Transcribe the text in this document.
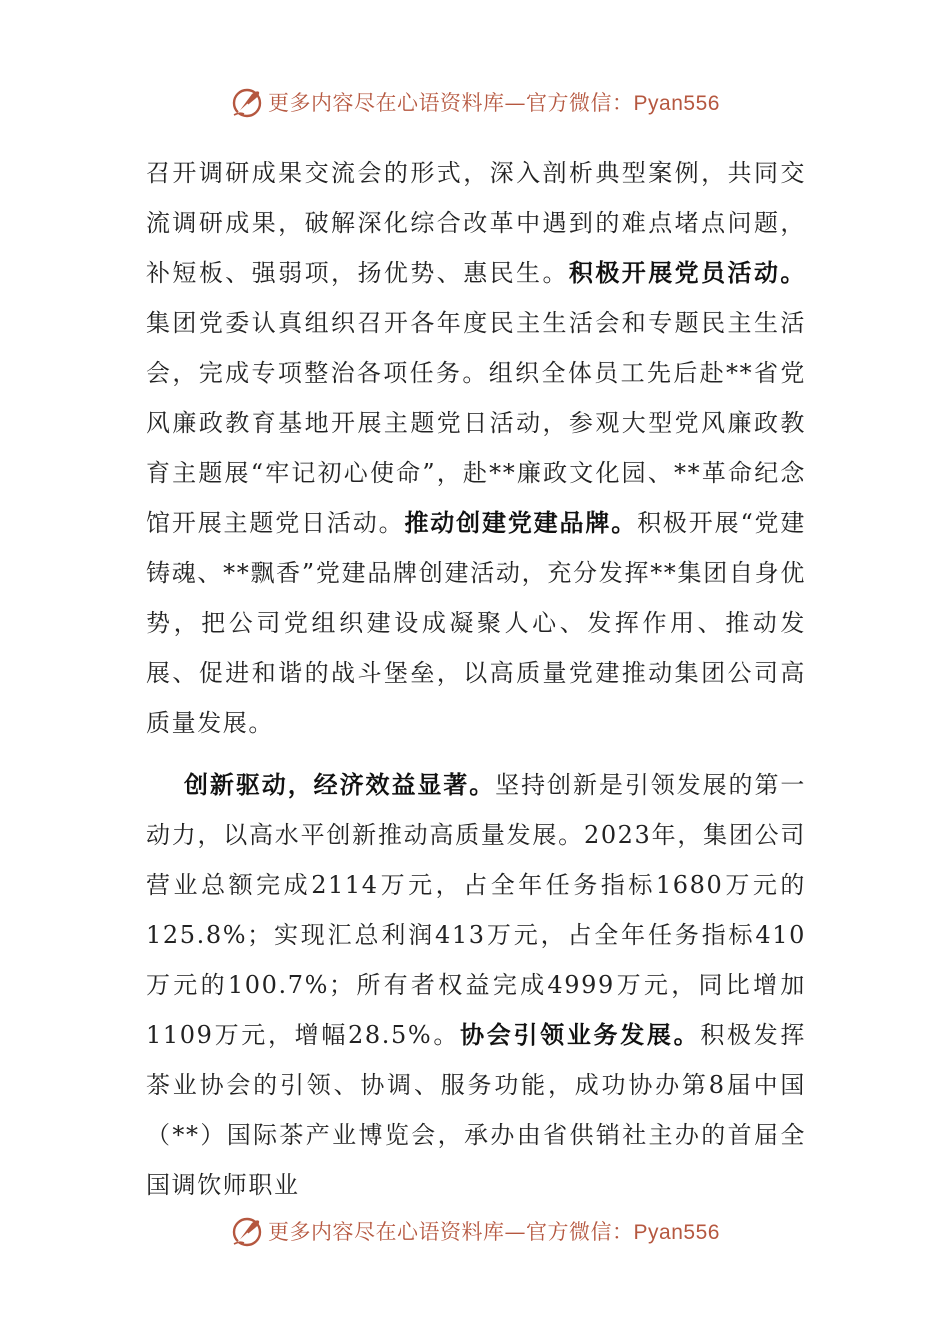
更多内容尽在心语资料库—官方微信：Pyan556

召开调研成果交流会的形式，深入剖析典型案例，共同交流调研成果，破解深化综合改革中遇到的难点堵点问题，补短板、强弱项，扬优势、惠民生。积极开展党员活动。集团党委认真组织召开各年度民主生活会和专题民主生活会，完成专项整治各项任务。组织全体员工先后赴**省党风廉政教育基地开展主题党日活动，参观大型党风廉政教育主题展“牢记初心使命”，赴**廉政文化园、**革命纪念馆开展主题党日活动。推动创建党建品牌。积极开展“党建铸魂、**飘香”党建品牌创建活动，充分发挥**集团自身优势，把公司党组织建设成凝聚人心、发挥作用、推动发展、促进和谐的战斗堡垒，以高质量党建推动集团公司高质量发展。

创新驱动，经济效益显著。坚持创新是引领发展的第一动力，以高水平创新推动高质量发展。2023年，集团公司营业总额完成2114万元，占全年任务指标1680万元的125.8%；实现汇总利润413万元，占全年任务指标410万元的100.7%；所有者权益完成4999万元，同比增加1109万元，增幅28.5%。协会引领业务发展。积极发挥茶业协会的引领、协调、服务功能，成功协办第8届中国（**）国际茶产业博览会，承办由省供销社主办的首届全国调饮师职业

更多内容尽在心语资料库—官方微信：Pyan556
